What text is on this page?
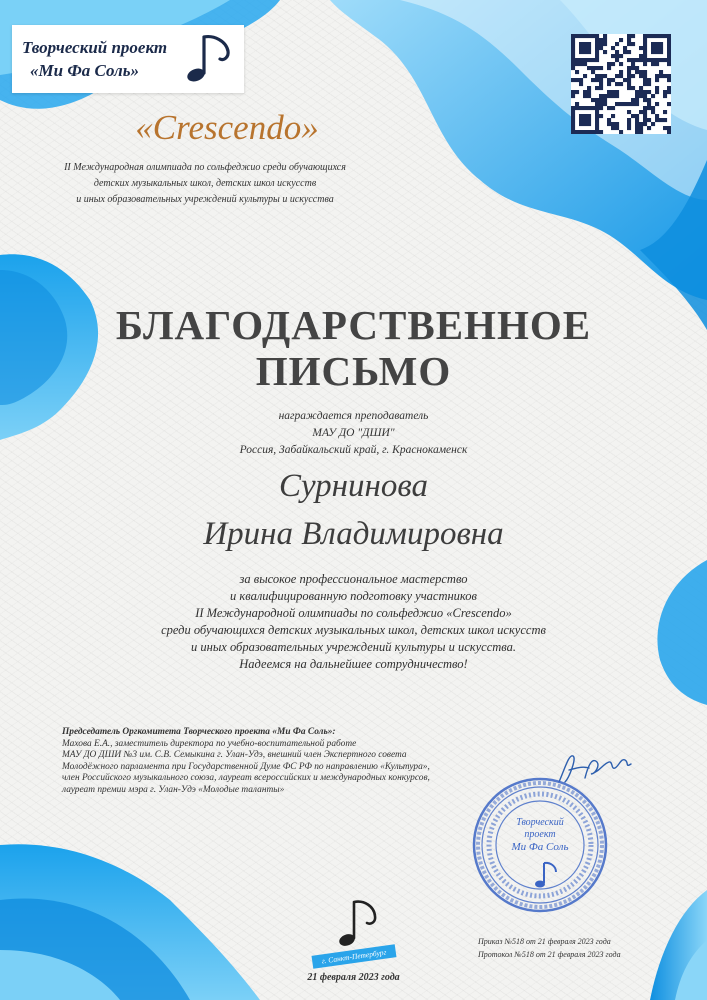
Творческий проект
«Ми Фа Соль»
«Crescendo»
II Международная олимпиада по сольфеджио среди обучающихся
детских музыкальных школ, детских школ искусств
и иных образовательных учреждений культуры и искусства
БЛАГОДАРСТВЕННОЕ
ПИСЬМО
награждается преподаватель
МАУ ДО "ДШИ"
Россия, Забайкальский край, г. Краснокаменск
Сурнинова
Ирина Владимировна
за высокое профессиональное мастерство
и квалифицированную подготовку участников
II Международной олимпиады по сольфеджио «Crescendo»
среди обучающихся детских музыкальных школ, детских школ искусств
и иных образовательных учреждений культуры и искусства.
Надеемся на дальнейшее сотрудничество!
Председатель Оргкомитета Творческого проекта «Ми Фа Соль»:
Махова Е.А., заместитель директора по учебно-воспитательной работе
МАУ ДО ДШИ №3 им. С.В. Семыкина г. Улан-Удэ, внешний член Экспертного совета
Молодёжного парламента при Государственной Думе ФС РФ по направлению «Культура»,
член Российского музыкального союза, лауреат всероссийских и международных конкурсов,
лауреат премии мэра г. Улан-Удэ «Молодые таланты»
Творческий
проект
Ми Фа Соль
г. Санкт-Петербург
21 февраля 2023 года
Приказ №518 от 21 февраля 2023 года
Протокол №518 от 21 февраля 2023 года
